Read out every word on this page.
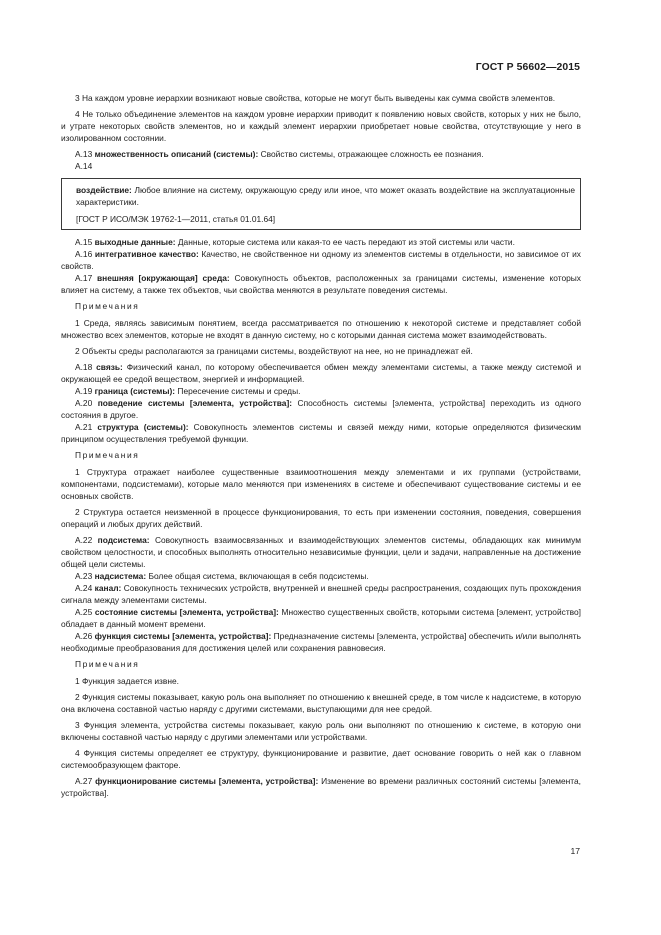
ГОСТ Р 56602—2015
3 На каждом уровне иерархии возникают новые свойства, которые не могут быть выведены как сумма свойств элементов.
4 Не только объединение элементов на каждом уровне иерархии приводит к появлению новых свойств, которых у них не было, и утрате некоторых свойств элементов, но и каждый элемент иерархии приобретает новые свойства, отсутствующие у него в изолированном состоянии.
А.13 множественность описаний (системы): Свойство системы, отражающее сложность ее познания.
А.14
воздействие: Любое влияние на систему, окружающую среду или иное, что может оказать воздействие на эксплуатационные характеристики.
[ГОСТ Р ИСО/МЭК 19762-1—2011, статья 01.01.64]
А.15 выходные данные: Данные, которые система или какая-то ее часть передают из этой системы или части.
А.16 интегративное качество: Качество, не свойственное ни одному из элементов системы в отдельности, но зависимое от их свойств.
А.17 внешняя [окружающая] среда: Совокупность объектов, расположенных за границами системы, изменение которых влияет на систему, а также тех объектов, чьи свойства меняются в результате поведения системы.
Примечания
1 Среда, являясь зависимым понятием, всегда рассматривается по отношению к некоторой системе и представляет собой множество всех элементов, которые не входят в данную систему, но с которыми данная система может взаимодействовать.
2 Объекты среды располагаются за границами системы, воздействуют на нее, но не принадлежат ей.
А.18 связь: Физический канал, по которому обеспечивается обмен между элементами системы, а также между системой и окружающей ее средой веществом, энергией и информацией.
А.19 граница (системы): Пересечение системы и среды.
А.20 поведение системы [элемента, устройства]: Способность системы [элемента, устройства] переходить из одного состояния в другое.
А.21 структура (системы): Совокупность элементов системы и связей между ними, которые определяются физическим принципом осуществления требуемой функции.
Примечания
1 Структура отражает наиболее существенные взаимоотношения между элементами и их группами (устройствами, компонентами, подсистемами), которые мало меняются при изменениях в системе и обеспечивают существование системы и ее основных свойств.
2 Структура остается неизменной в процессе функционирования, то есть при изменении состояния, поведения, совершения операций и любых других действий.
А.22 подсистема: Совокупность взаимосвязанных и взаимодействующих элементов системы, обладающих как минимум свойством целостности, и способных выполнять относительно независимые функции, цели и задачи, направленные на достижение общей цели системы.
А.23 надсистема: Более общая система, включающая в себя подсистемы.
А.24 канал: Совокупность технических устройств, внутренней и внешней среды распространения, создающих путь прохождения сигнала между элементами системы.
А.25 состояние системы [элемента, устройства]: Множество существенных свойств, которыми система [элемент, устройство] обладает в данный момент времени.
А.26 функция системы [элемента, устройства]: Предназначение системы [элемента, устройства] обеспечить и/или выполнять необходимые преобразования для достижения целей или сохранения равновесия.
Примечания
1 Функция задается извне.
2 Функция системы показывает, какую роль она выполняет по отношению к внешней среде, в том числе к надсистеме, в которую она включена составной частью наряду с другими системами, выступающими для нее средой.
3 Функция элемента, устройства системы показывает, какую роль они выполняют по отношению к системе, в которую они включены составной частью наряду с другими элементами или устройствами.
4 Функция системы определяет ее структуру, функционирование и развитие, дает основание говорить о ней как о главном системообразующем факторе.
А.27 функционирование системы [элемента, устройства]: Изменение во времени различных состояний системы [элемента, устройства].
17
